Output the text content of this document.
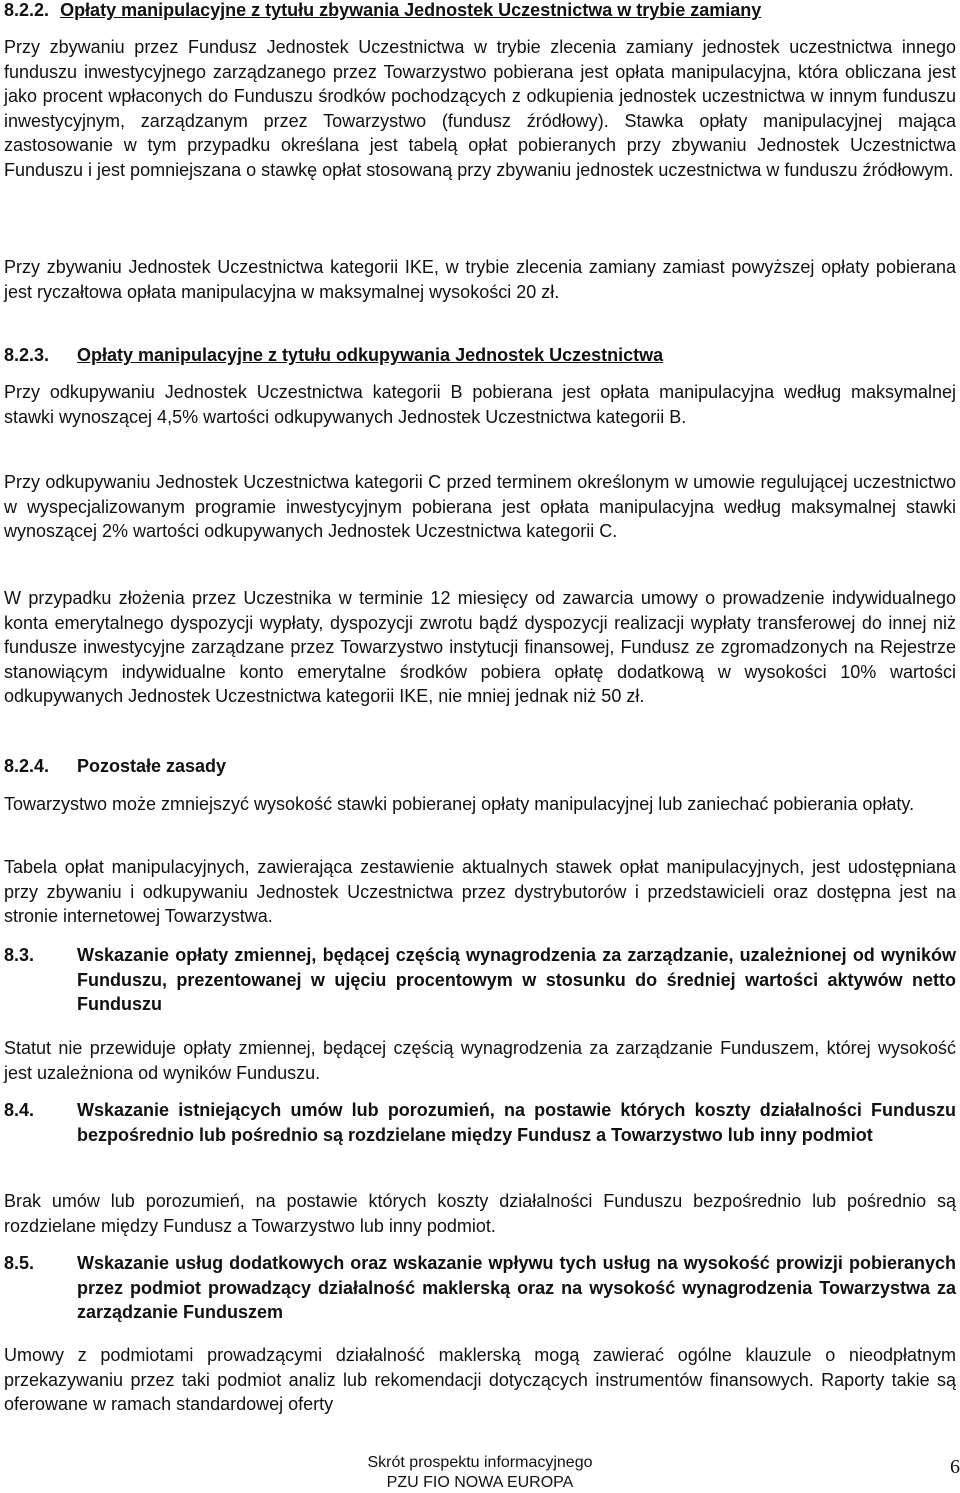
8.2.2. Opłaty manipulacyjne z tytułu zbywania Jednostek Uczestnictwa w trybie zamiany

Przy zbywaniu przez Fundusz Jednostek Uczestnictwa w trybie zlecenia zamiany jednostek uczestnictwa innego funduszu inwestycyjnego zarządzanego przez Towarzystwo pobierana jest opłata manipulacyjna, która obliczana jest jako procent wpłaconych do Funduszu środków pochodzących z odkupienia jednostek uczestnictwa w innym funduszu inwestycyjnym, zarządzanym przez Towarzystwo (fundusz źródłowy). Stawka opłaty manipulacyjnej mająca zastosowanie w tym przypadku określana jest tabelą opłat pobieranych przy zbywaniu Jednostek Uczestnictwa Funduszu i jest pomniejszana o stawkę opłat stosowaną przy zbywaniu jednostek uczestnictwa w funduszu źródłowym.

Przy zbywaniu Jednostek Uczestnictwa kategorii IKE, w trybie zlecenia zamiany zamiast powyższej opłaty pobierana jest ryczałtowa opłata manipulacyjna w maksymalnej wysokości 20 zł.

8.2.3. Opłaty manipulacyjne z tytułu odkupywania Jednostek Uczestnictwa

Przy odkupywaniu Jednostek Uczestnictwa kategorii B pobierana jest opłata manipulacyjna według maksymalnej stawki wynoszącej 4,5% wartości odkupywanych Jednostek Uczestnictwa kategorii B.

Przy odkupywaniu Jednostek Uczestnictwa kategorii C przed terminem określonym w umowie regulującej uczestnictwo w wyspecjalizowanym programie inwestycyjnym pobierana jest opłata manipulacyjna według maksymalnej stawki wynoszącej 2% wartości odkupywanych Jednostek Uczestnictwa kategorii C.

W przypadku złożenia przez Uczestnika w terminie 12 miesięcy od zawarcia umowy o prowadzenie indywidualnego konta emerytalnego dyspozycji wypłaty, dyspozycji zwrotu bądź dyspozycji realizacji wypłaty transferowej do innej niż fundusze inwestycyjne zarządzane przez Towarzystwo instytucji finansowej, Fundusz ze zgromadzonych na Rejestrze stanowiącym indywidualne konto emerytalne środków pobiera opłatę dodatkową w wysokości 10% wartości odkupywanych Jednostek Uczestnictwa kategorii IKE, nie mniej jednak niż 50 zł.

8.2.4. Pozostałe zasady

Towarzystwo może zmniejszyć wysokość stawki pobieranej opłaty manipulacyjnej lub zaniechać pobierania opłaty.

Tabela opłat manipulacyjnych, zawierająca zestawienie aktualnych stawek opłat manipulacyjnych, jest udostępniana przy zbywaniu i odkupywaniu Jednostek Uczestnictwa przez dystrybutorów i przedstawicieli oraz dostępna jest na stronie internetowej Towarzystwa.

8.3.	Wskazanie opłaty zmiennej, będącej częścią wynagrodzenia za zarządzanie, uzależnionej od wyników Funduszu, prezentowanej w ujęciu procentowym w stosunku do średniej wartości aktywów netto Funduszu

Statut nie przewiduje opłaty zmiennej, będącej częścią wynagrodzenia za zarządzanie Funduszem, której wysokość jest uzależniona od wyników Funduszu.

8.4.	Wskazanie istniejących umów lub porozumień, na postawie których koszty działalności Funduszu bezpośrednio lub pośrednio są rozdzielane między Fundusz a Towarzystwo lub inny podmiot

Brak umów lub porozumień, na postawie których koszty działalności Funduszu bezpośrednio lub pośrednio są rozdzielane między Fundusz a Towarzystwo lub inny podmiot.

8.5.	Wskazanie usług dodatkowych oraz wskazanie wpływu tych usług na wysokość prowizji pobieranych przez podmiot prowadzący działalność maklerską oraz na wysokość wynagrodzenia Towarzystwa za zarządzanie Funduszem

Umowy z podmiotami prowadzącymi działalność maklerską mogą zawierać ogólne klauzule o nieodpłatnym przekazywaniu przez taki podmiot analiz lub rekomendacji dotyczących instrumentów finansowych. Raporty takie są oferowane w ramach standardowej oferty

Skrót prospektu informacyjnego
PZU FIO NOWA EUROPA
6
